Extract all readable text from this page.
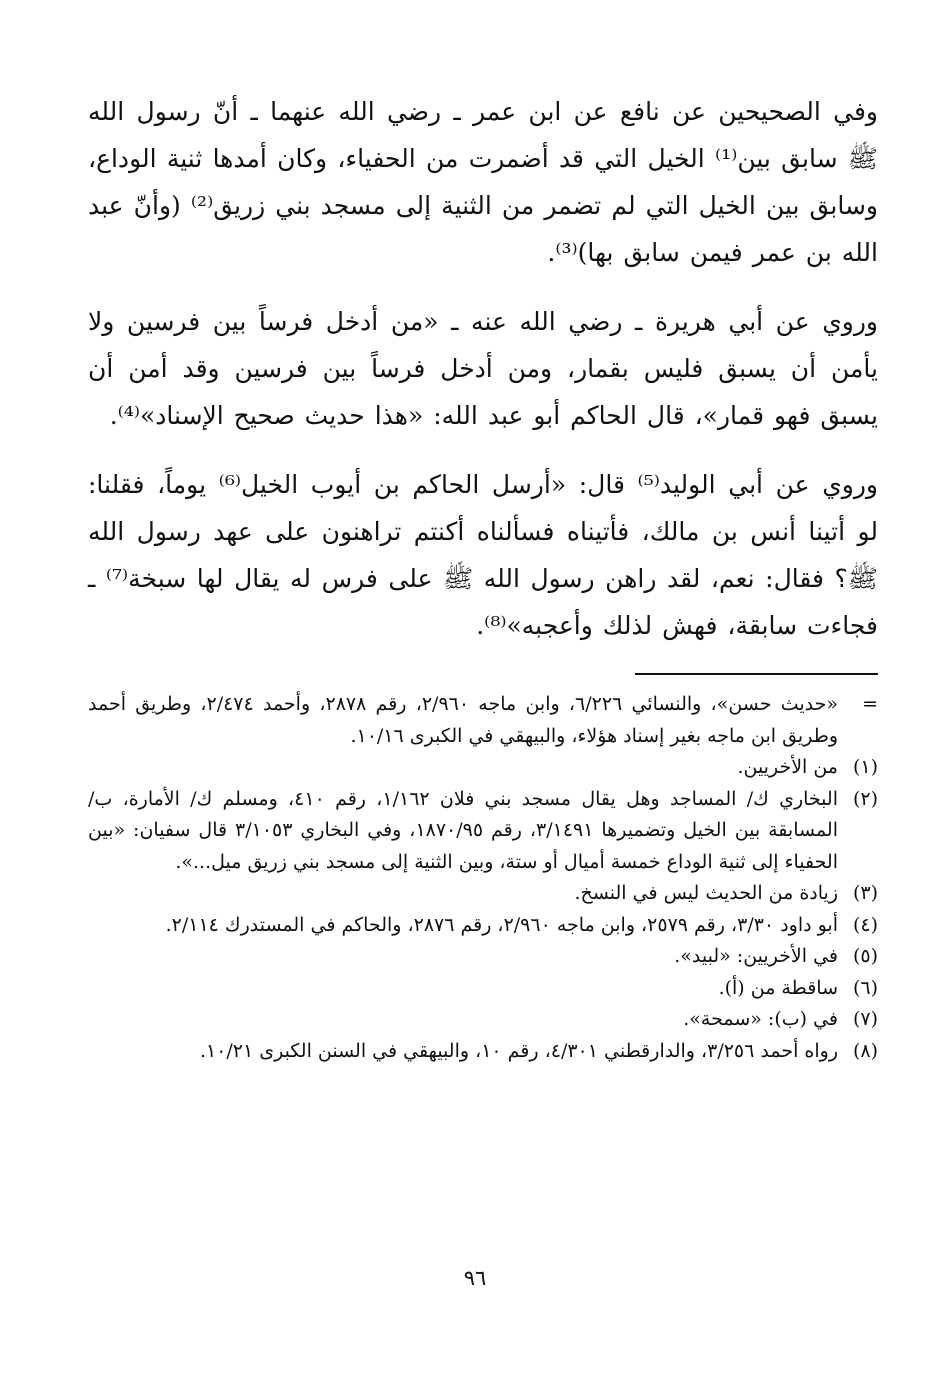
وفي الصحيحين عن نافع عن ابن عمر ـ رضي الله عنهما ـ أنّ رسول الله ﷺ سابق بين⁽¹⁾ الخيل التي قد أضمرت من الحفياء، وكان أمدها ثنية الوداع، وسابق بين الخيل التي لم تضمر من الثنية إلى مسجد بني زريق⁽²⁾ (وأنّ عبد الله بن عمر فيمن سابق بها)⁽³⁾.

وروي عن أبي هريرة ـ رضي الله عنه ـ «من أدخل فرساً بين فرسين ولا يأمن أن يسبق فليس بقمار، ومن أدخل فرساً بين فرسين وقد أمن أن يسبق فهو قمار»، قال الحاكم أبو عبد الله: «هذا حديث صحيح الإسناد»⁽⁴⁾.

وروي عن أبي الوليد⁽⁵⁾ قال: «أرسل الحاكم بن أيوب الخيل⁽⁶⁾ يوماً، فقلنا: لو أتينا أنس بن مالك، فأتيناه فسألناه أكنتم تراهنون على عهد رسول الله ﷺ؟ فقال: نعم، لقد راهن رسول الله ﷺ على فرس له يقال لها سبخة⁽⁷⁾ ـ فجاءت سابقة، فهش لذلك وأعجبه»⁽⁸⁾.

=
«حديث حسن»، والنسائي ٦/٢٢٦، وابن ماجه ٢/٩٦٠، رقم ٢٨٧٨، وأحمد ٢/٤٧٤، وطريق أحمد وطريق ابن ماجه بغير إسناد هؤلاء، والبيهقي في الكبرى ١٠/١٦.
(١)
من الأخريين.
(٢)
البخاري ك/ المساجد وهل يقال مسجد بني فلان ١/١٦٢، رقم ٤١٠، ومسلم ك/ الأمارة، ب/ المسابقة بين الخيل وتضميرها ٣/١٤٩١، رقم ١٨٧٠/٩٥، وفي البخاري ٣/١٠٥٣ قال سفيان: «بين الحفياء إلى ثنية الوداع خمسة أميال أو ستة، وبين الثنية إلى مسجد بني زريق ميل...».
(٣)
زيادة من الحديث ليس في النسخ.
(٤)
أبو داود ٣/٣٠، رقم ٢٥٧٩، وابن ماجه ٢/٩٦٠، رقم ٢٨٧٦، والحاكم في المستدرك ٢/١١٤.
(٥)
في الأخريين: «لبيد».
(٦)
ساقطة من (أ).
(٧)
في (ب): «سمحة».
(٨)
رواه أحمد ٣/٢٥٦، والدارقطني ٤/٣٠١، رقم ١٠، والبيهقي في السنن الكبرى ١٠/٢١.
٩٦
